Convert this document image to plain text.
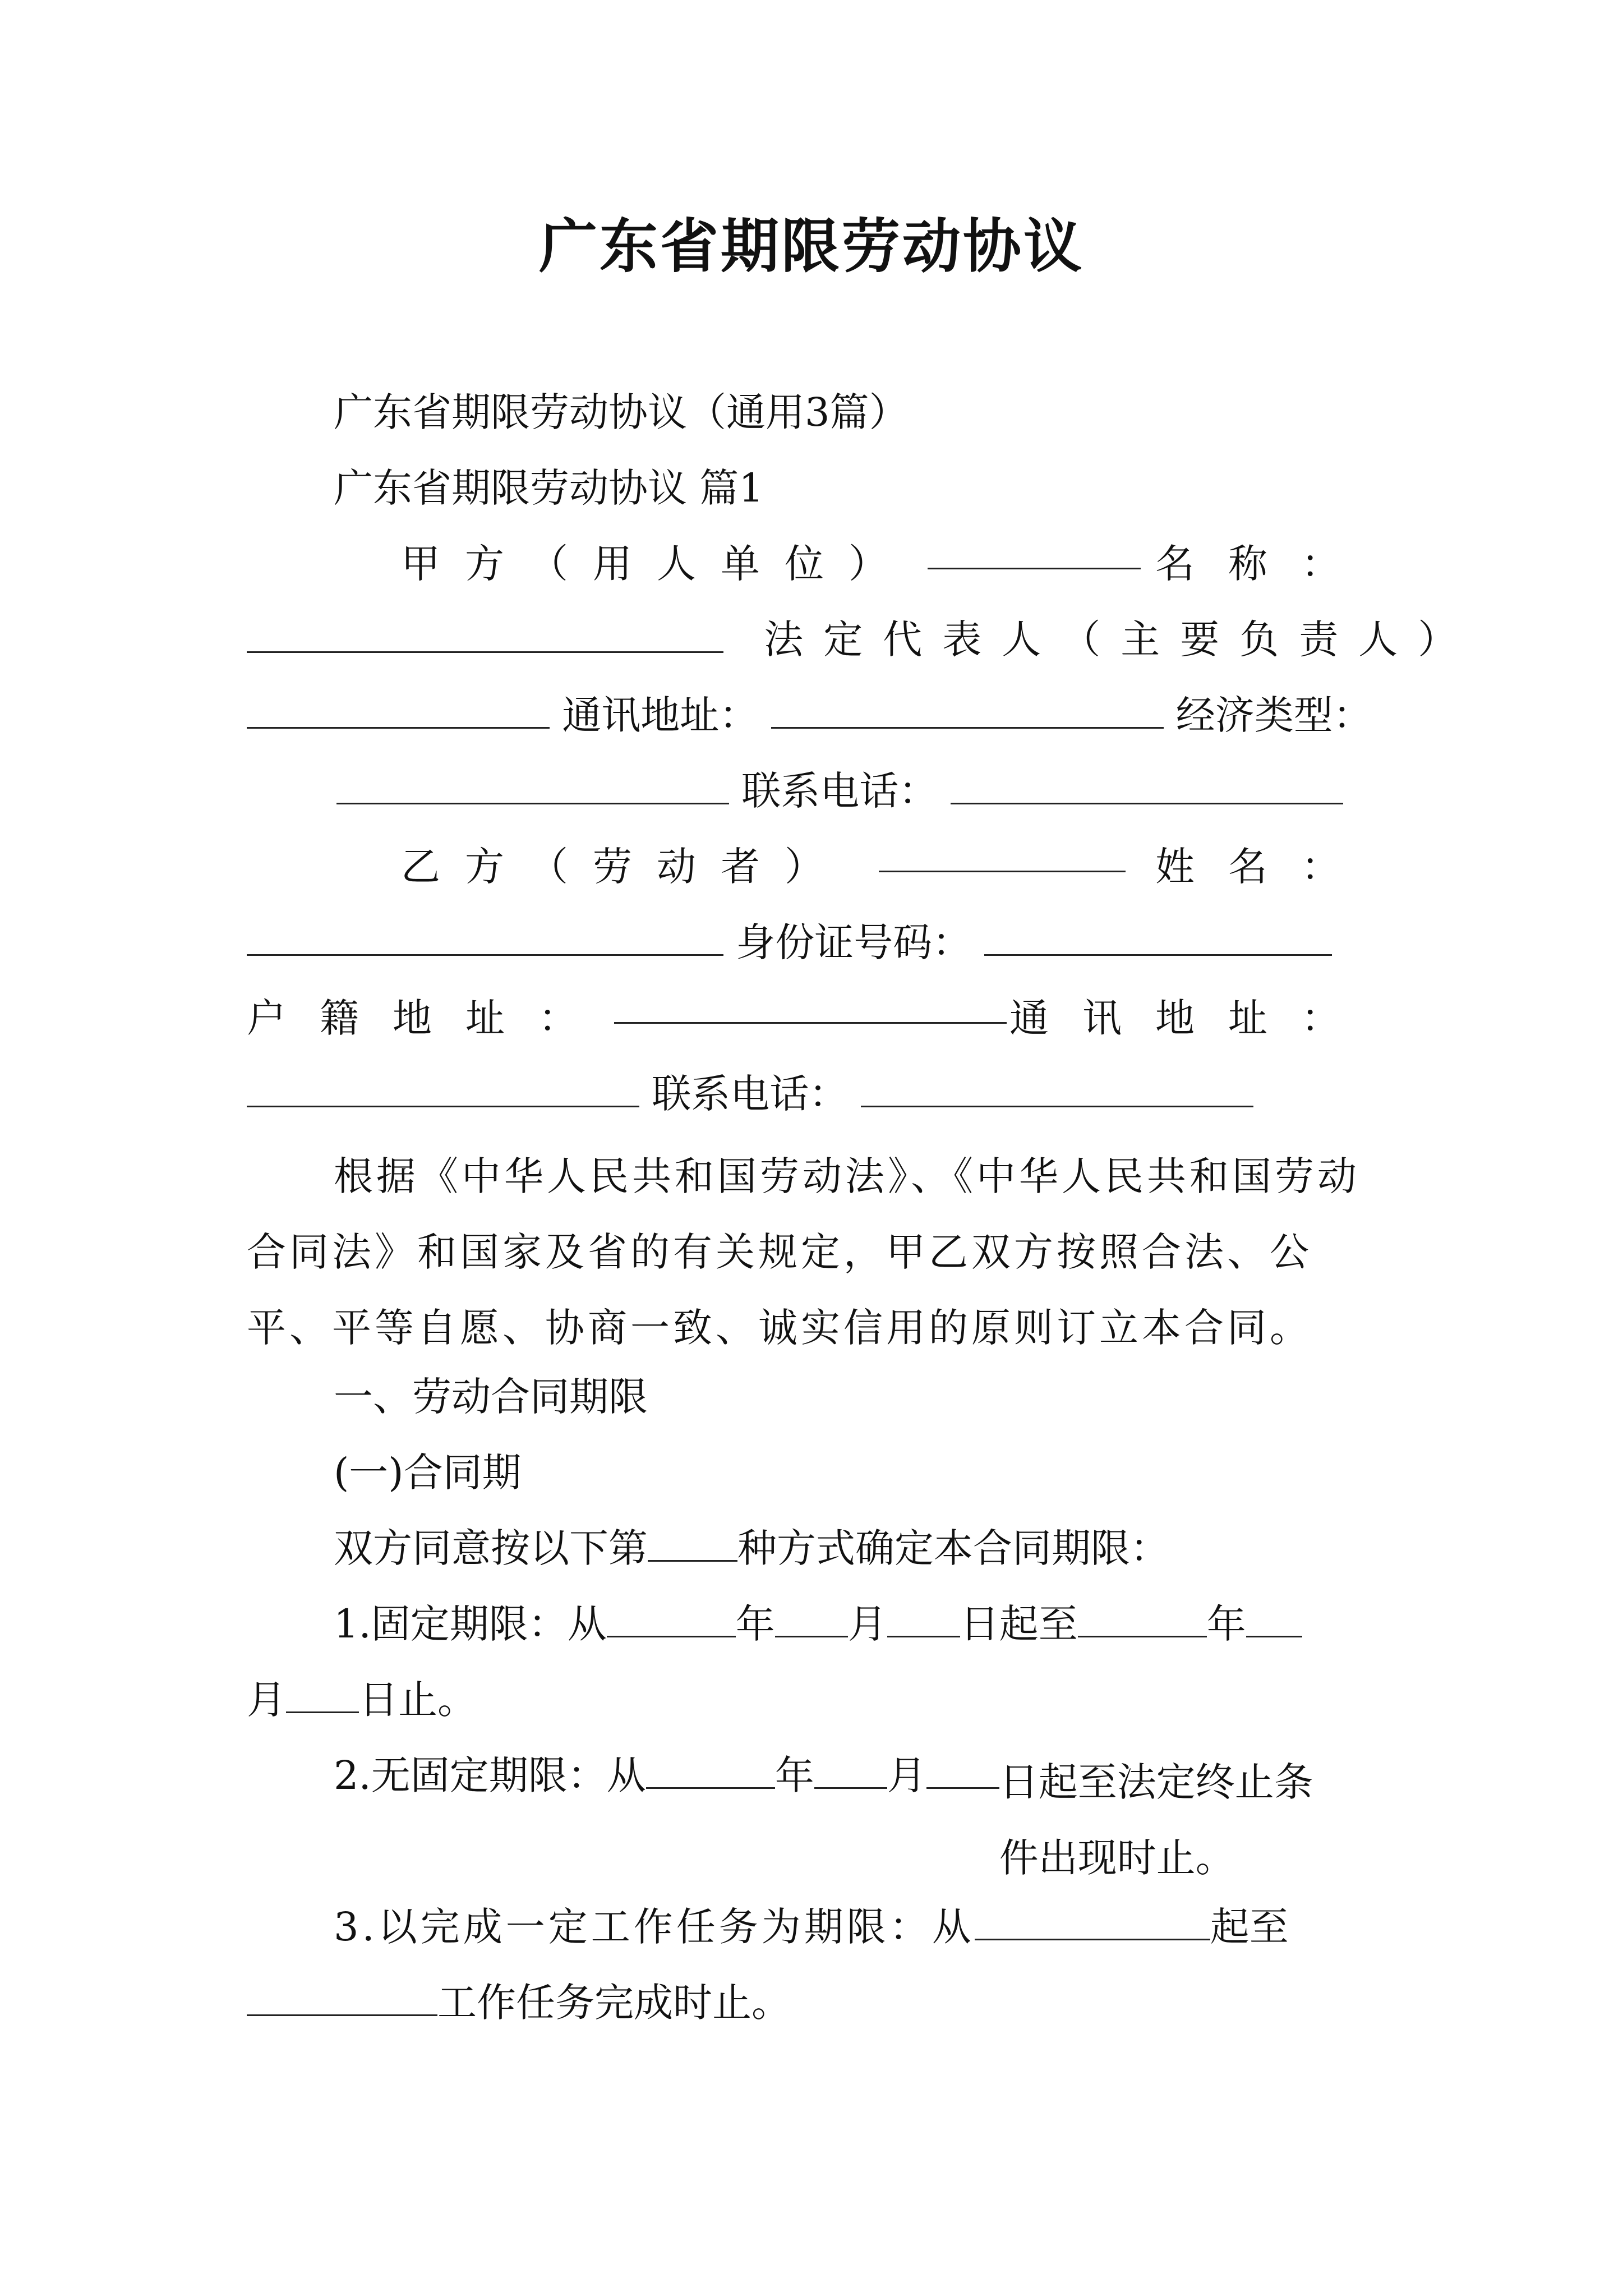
广东省期限劳动协议
广东省期限劳动协议（通用3篇）
广东省期限劳动协议 篇1
甲方（用人单位）	名称：
法定代表人（主要负责人）
通讯地址：	经济类型：
联系电话：
乙方（劳动者）	姓名：
身份证号码：
户籍地址：	通讯地址：
联系电话：
根据《中华人民共和国劳动法》、《中华人民共和国劳动合同法》和国家及省的有关规定，甲乙双方按照合法、公平、平等自愿、协商一致、诚实信用的原则订立本合同。
一、劳动合同期限
(一)合同期
双方同意按以下第 种方式确定本合同期限：
1.固定期限：从	年 月 日起至	年
月 日止。
2.无固定期限：从	年 月 日起至法定终止条件出现时止。
3.以完成一定工作任务为期限：从	起至
工作任务完成时止。
